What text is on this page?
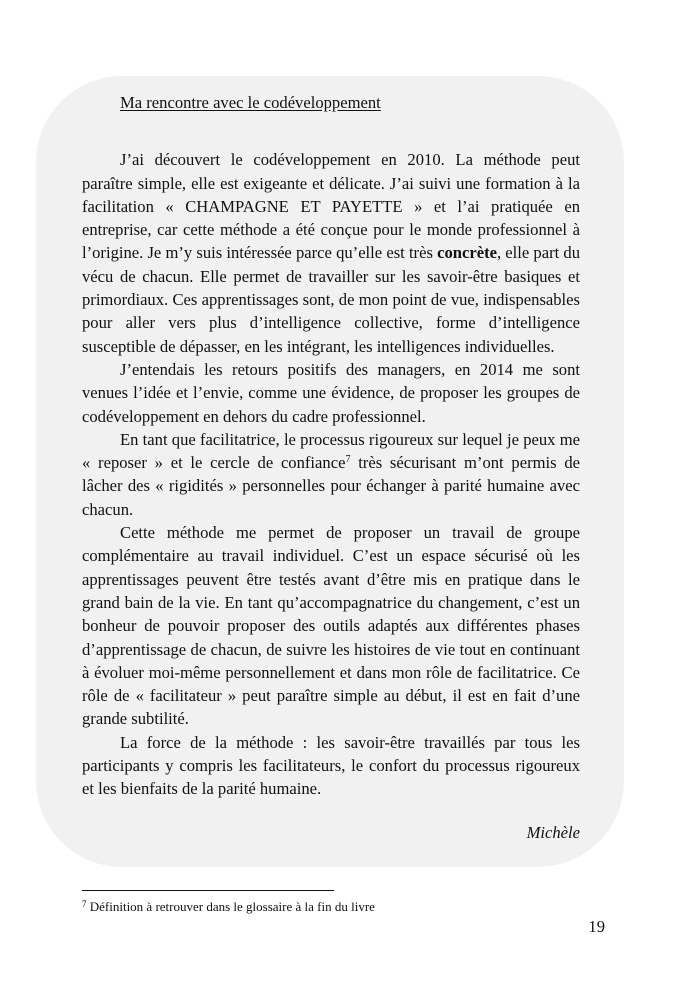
Ma rencontre avec le codéveloppement

J’ai découvert le codéveloppement en 2010. La méthode peut paraître simple, elle est exigeante et délicate. J’ai suivi une formation à la facilitation « CHAMPAGNE ET PAYETTE » et l’ai pratiquée en entreprise, car cette méthode a été conçue pour le monde professionnel à l’origine. Je m’y suis intéressée parce qu’elle est très concrète, elle part du vécu de chacun. Elle permet de travailler sur les savoir-être basiques et primordiaux. Ces apprentissages sont, de mon point de vue, indispensables pour aller vers plus d’intelligence collective, forme d’intelligence susceptible de dépasser, en les intégrant, les intelligences individuelles.

J’entendais les retours positifs des managers, en 2014 me sont venues l’idée et l’envie, comme une évidence, de proposer les groupes de codéveloppement en dehors du cadre professionnel.

En tant que facilitatrice, le processus rigoureux sur lequel je peux me « reposer » et le cercle de confiance$^7$ très sécurisant m’ont permis de lâcher des « rigidités » personnelles pour échanger à parité humaine avec chacun.

Cette méthode me permet de proposer un travail de groupe complémentaire au travail individuel. C’est un espace sécurisé où les apprentissages peuvent être testés avant d’être mis en pratique dans le grand bain de la vie. En tant qu’accompagnatrice du changement, c’est un bonheur de pouvoir proposer des outils adaptés aux différentes phases d’apprentissage de chacun, de suivre les histoires de vie tout en continuant à évoluer moi-même personnellement et dans mon rôle de facilitatrice. Ce rôle de « facilitateur » peut paraître simple au début, il est en fait d’une grande subtilité.

La force de la méthode : les savoir-être travaillés par tous les participants y compris les facilitateurs, le confort du processus rigoureux et les bienfaits de la parité humaine.

Michèle

$^7$ Définition à retrouver dans le glossaire à la fin du livre
19
